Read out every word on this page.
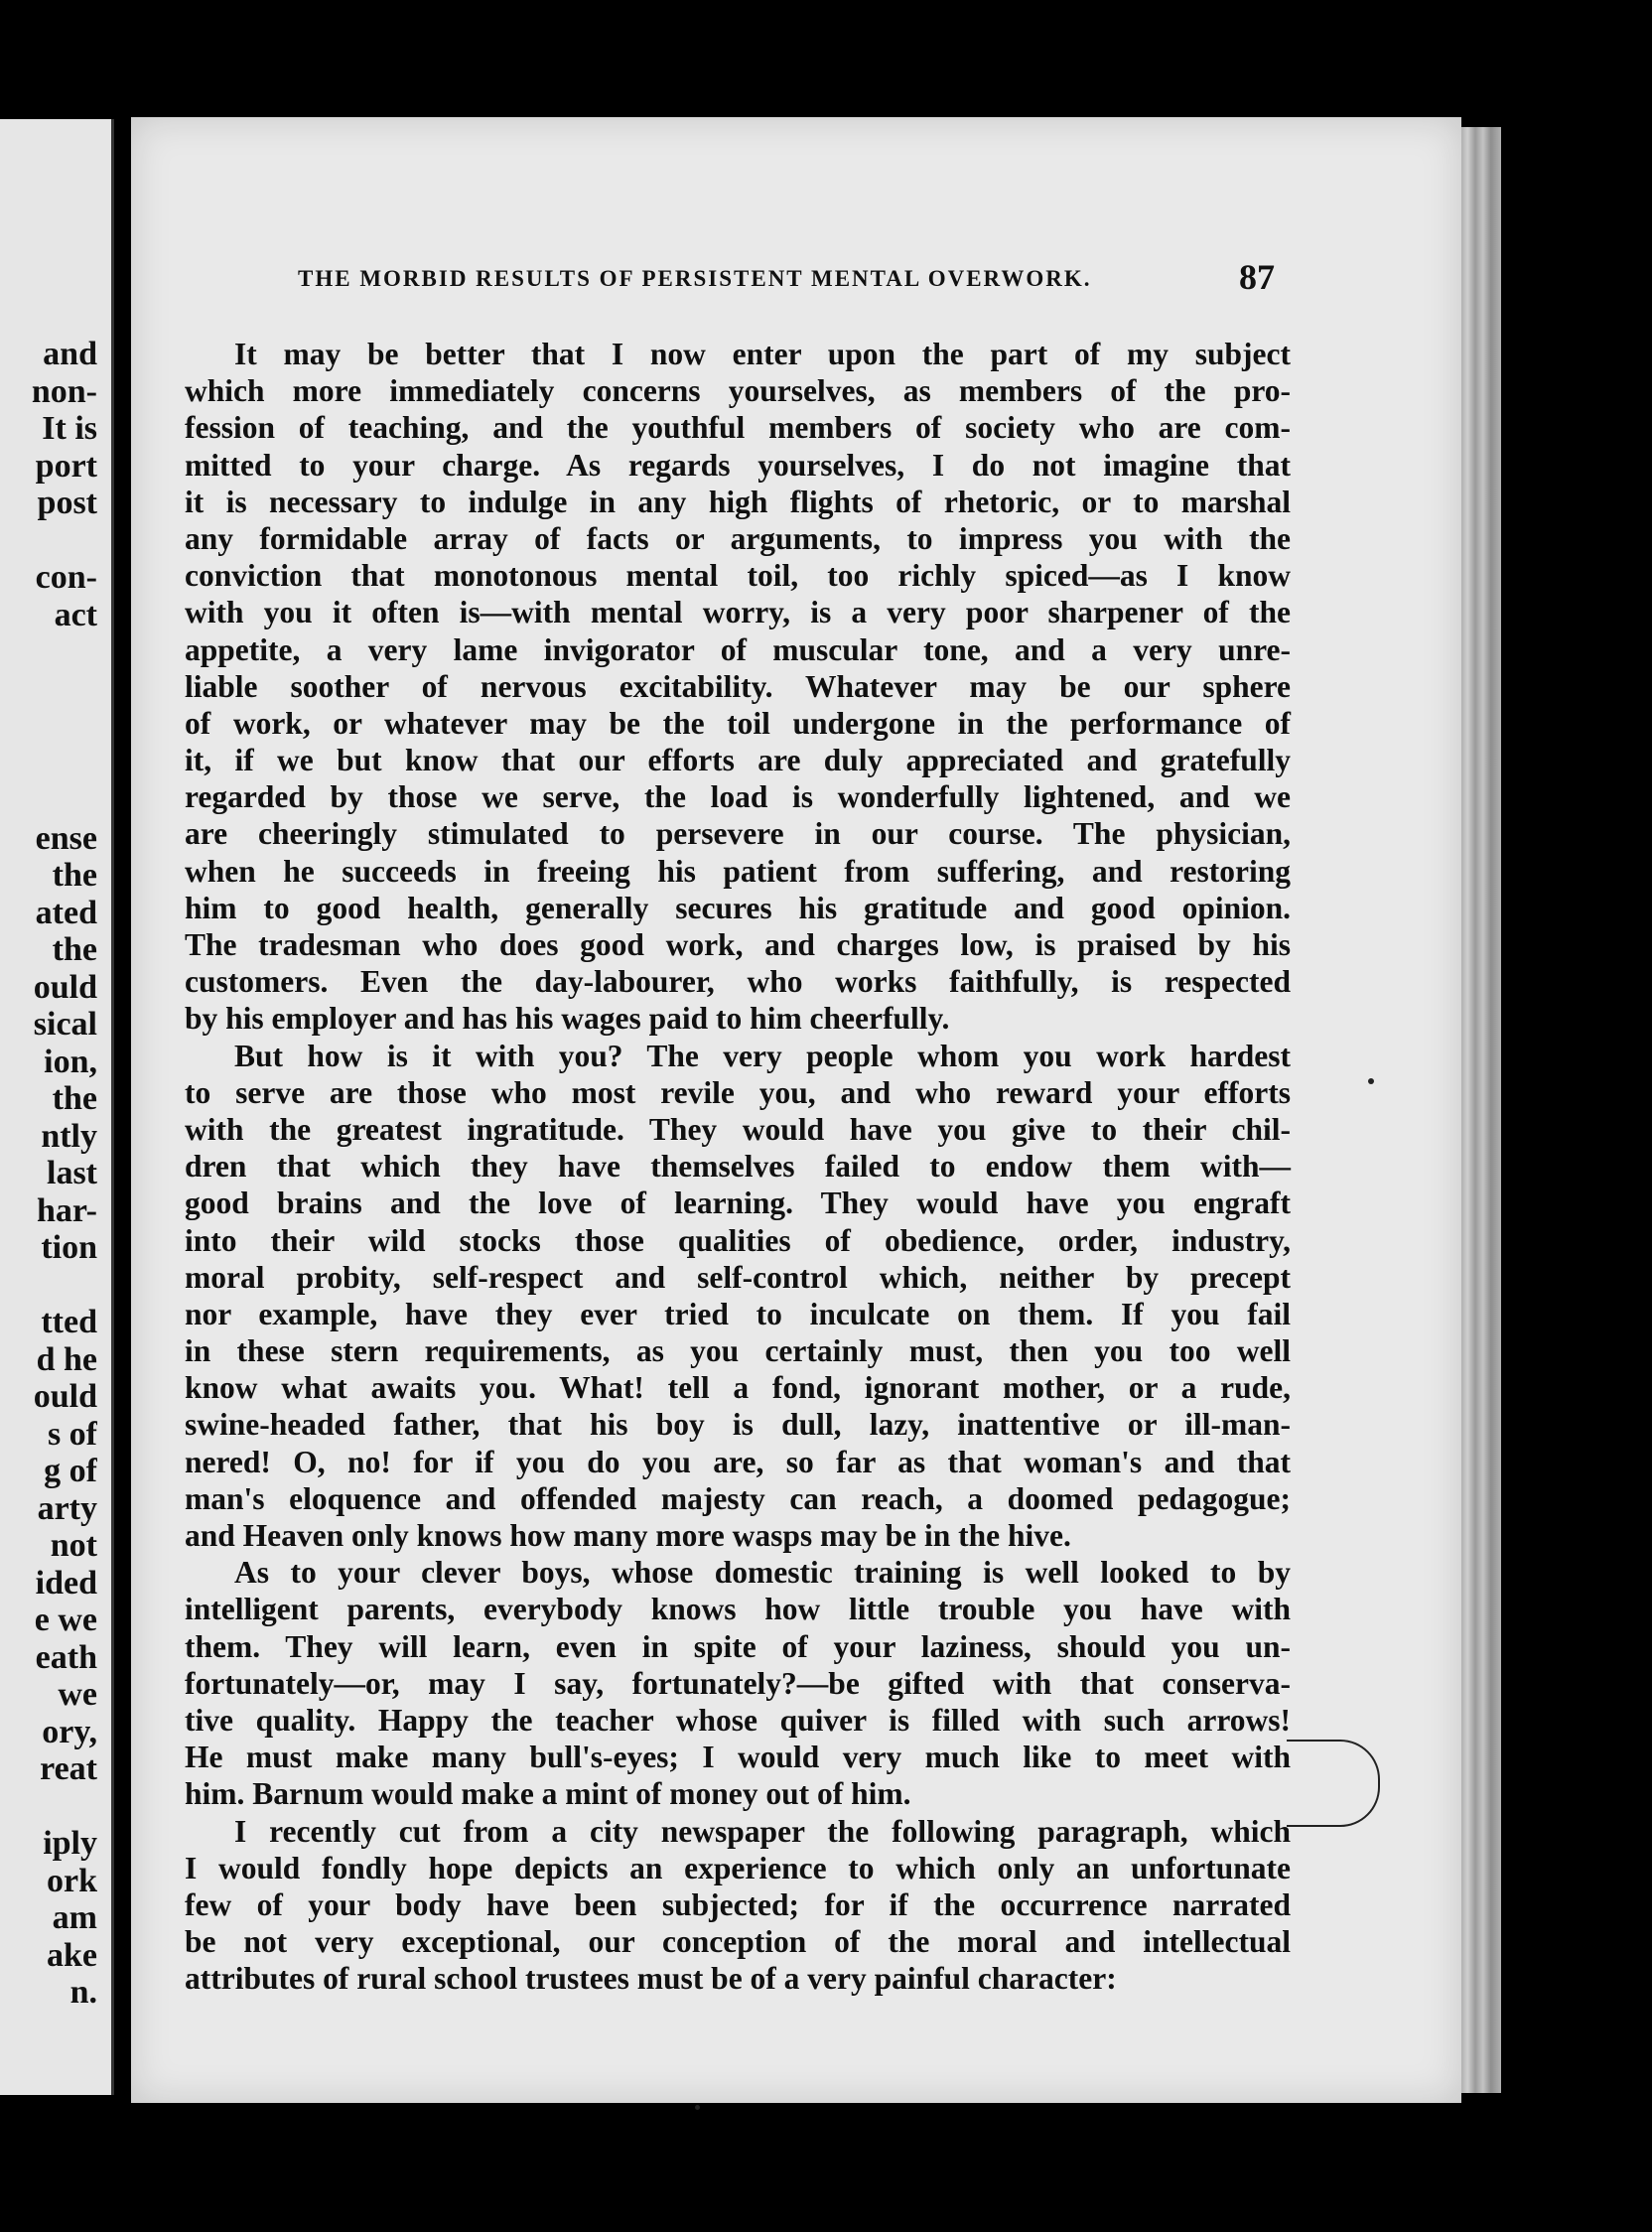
and
non-
It is
port
post
con-
act
ense
the
ated
the
ould
sical
ion,
the
ntly
last
har-
tion
tted
d he
ould
s of
g of
arty
not
ided
e we
eath
we
ory,
reat
iply
ork
am
ake
n.
THE MORBID RESULTS OF PERSISTENT MENTAL OVERWORK.	87

It may be better that I now enter upon the part of my subject
which more immediately concerns yourselves, as members of the pro-
fession of teaching, and the youthful members of society who are com-
mitted to your charge. As regards yourselves, I do not imagine that
it is necessary to indulge in any high flights of rhetoric, or to marshal
any formidable array of facts or arguments, to impress you with the
conviction that monotonous mental toil, too richly spiced—as I know
with you it often is—with mental worry, is a very poor sharpener of the
appetite, a very lame invigorator of muscular tone, and a very unre-
liable soother of nervous excitability. Whatever may be our sphere
of work, or whatever may be the toil undergone in the performance of
it, if we but know that our efforts are duly appreciated and gratefully
regarded by those we serve, the load is wonderfully lightened, and we
are cheeringly stimulated to persevere in our course. The physician,
when he succeeds in freeing his patient from suffering, and restoring
him to good health, generally secures his gratitude and good opinion.
The tradesman who does good work, and charges low, is praised by his
customers. Even the day-labourer, who works faithfully, is respected
by his employer and has his wages paid to him cheerfully.

But how is it with you? The very people whom you work hardest
to serve are those who most revile you, and who reward your efforts
with the greatest ingratitude. They would have you give to their chil-
dren that which they have themselves failed to endow them with—
good brains and the love of learning. They would have you engraft
into their wild stocks those qualities of obedience, order, industry,
moral probity, self-respect and self-control which, neither by precept
nor example, have they ever tried to inculcate on them. If you fail
in these stern requirements, as you certainly must, then you too well
know what awaits you. What! tell a fond, ignorant mother, or a rude,
swine-headed father, that his boy is dull, lazy, inattentive or ill-man-
nered! O, no! for if you do you are, so far as that woman's and that
man's eloquence and offended majesty can reach, a doomed pedagogue;
and Heaven only knows how many more wasps may be in the hive.

As to your clever boys, whose domestic training is well looked to by
intelligent parents, everybody knows how little trouble you have with
them. They will learn, even in spite of your laziness, should you un-
fortunately—or, may I say, fortunately?—be gifted with that conserva-
tive quality. Happy the teacher whose quiver is filled with such arrows!
He must make many bull's-eyes; I would very much like to meet with
him. Barnum would make a mint of money out of him.

I recently cut from a city newspaper the following paragraph, which
I would fondly hope depicts an experience to which only an unfortunate
few of your body have been subjected; for if the occurrence narrated
be not very exceptional, our conception of the moral and intellectual
attributes of rural school trustees must be of a very painful character:
